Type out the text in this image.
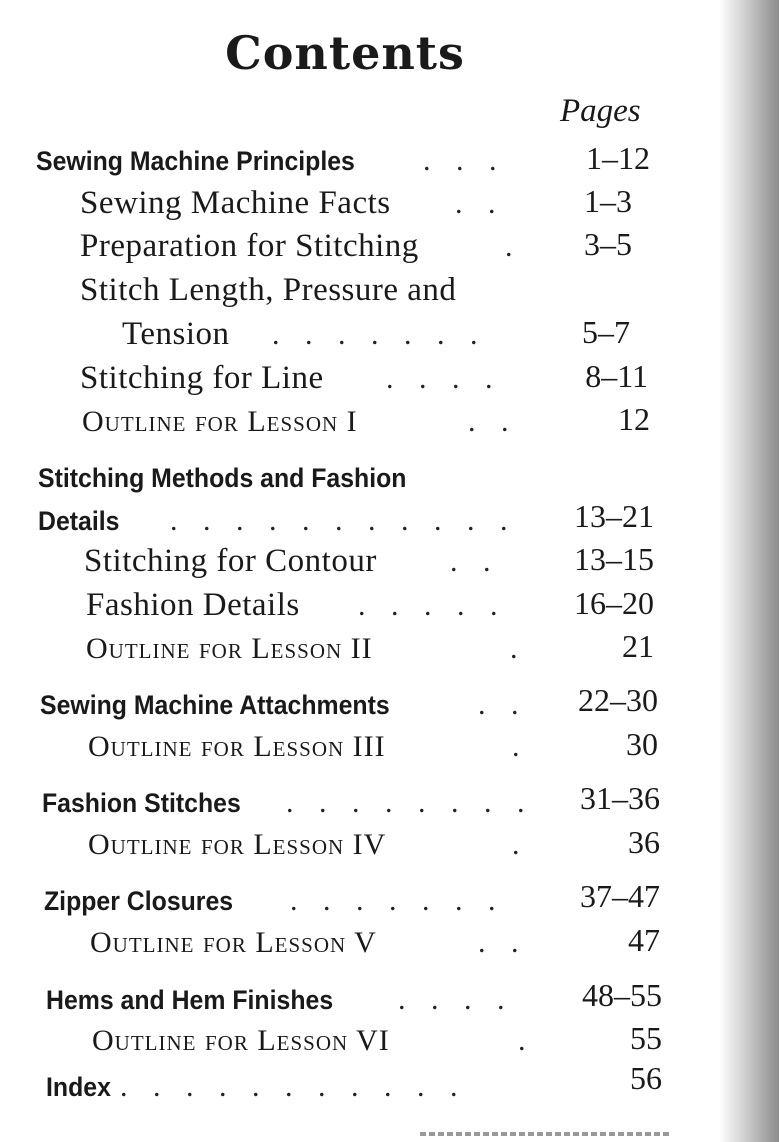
Contents
Pages
Sewing Machine Principles . . .	1–12
Sewing Machine Facts . .	1–3
Preparation for Stitching	.	3–5
Stitch Length, Pressure and
Tension . . . . . . .	5–7
Stitching for Line . . . .	8–11
Outline for Lesson I	. .	12
Stitching Methods and Fashion
Details . . . . . . . . . . .	13–21
Stitching for Contour . .	13–15
Fashion Details . . . . .	16–20
Outline for Lesson II	.	21
Sewing Machine Attachments	. .	22–30
Outline for Lesson III	.	30
Fashion Stitches . . . . . . . .	31–36
Outline for Lesson IV	.	36
Zipper Closures . . . . . . .	37–47
Outline for Lesson V	. .	47
Hems and Hem Finishes . . . .	48–55
Outline for Lesson VI	.	55
Index . . . . . . . . . . .	56
